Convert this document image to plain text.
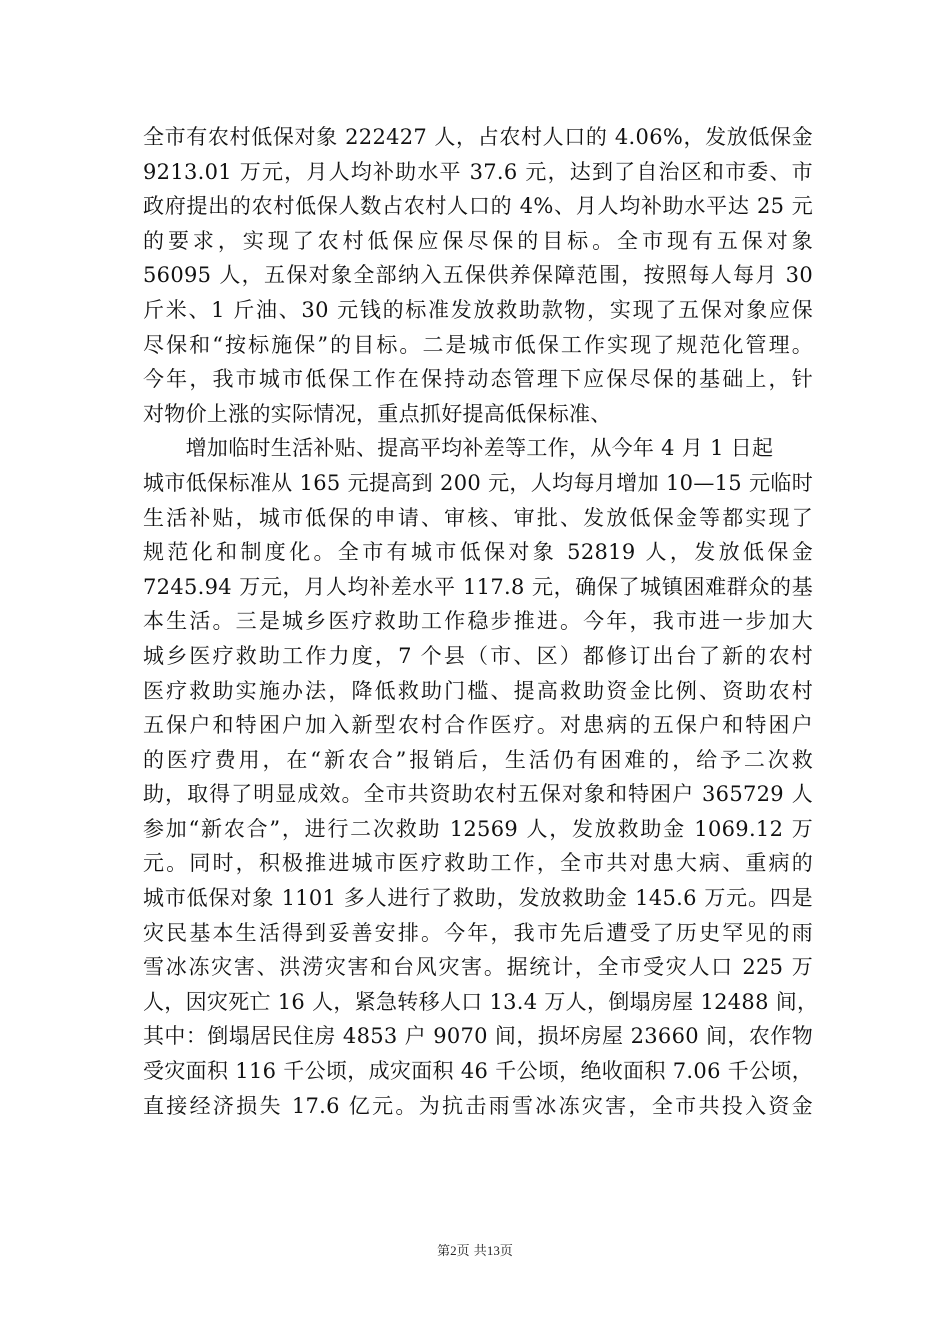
全市有农村低保对象 222427 人，占农村人口的 4.06%，发放低保金
9213.01 万元，月人均补助水平 37.6 元，达到了自治区和市委、市
政府提出的农村低保人数占农村人口的 4%、月人均补助水平达 25 元
的要求，实现了农村低保应保尽保的目标。全市现有五保对象
56095 人，五保对象全部纳入五保供养保障范围，按照每人每月 30
斤米、1 斤油、30 元钱的标准发放救助款物，实现了五保对象应保
尽保和“按标施保”的目标。二是城市低保工作实现了规范化管理。
今年，我市城市低保工作在保持动态管理下应保尽保的基础上，针
对物价上涨的实际情况，重点抓好提高低保标准、
　　增加临时生活补贴、提高平均补差等工作，从今年 4 月 1 日起
城市低保标准从 165 元提高到 200 元，人均每月增加 10—15 元临时
生活补贴，城市低保的申请、审核、审批、发放低保金等都实现了
规范化和制度化。全市有城市低保对象 52819 人，发放低保金
7245.94 万元，月人均补差水平 117.8 元，确保了城镇困难群众的基
本生活。三是城乡医疗救助工作稳步推进。今年，我市进一步加大
城乡医疗救助工作力度，7 个县（市、区）都修订出台了新的农村
医疗救助实施办法，降低救助门槛、提高救助资金比例、资助农村
五保户和特困户加入新型农村合作医疗。对患病的五保户和特困户
的医疗费用，在“新农合”报销后，生活仍有困难的，给予二次救
助，取得了明显成效。全市共资助农村五保对象和特困户 365729 人
参加“新农合”，进行二次救助 12569 人，发放救助金 1069.12 万
元。同时，积极推进城市医疗救助工作，全市共对患大病、重病的
城市低保对象 1101 多人进行了救助，发放救助金 145.6 万元。四是
灾民基本生活得到妥善安排。今年，我市先后遭受了历史罕见的雨
雪冰冻灾害、洪涝灾害和台风灾害。据统计，全市受灾人口 225 万
人，因灾死亡 16 人，紧急转移人口 13.4 万人，倒塌房屋 12488 间，
其中：倒塌居民住房 4853 户 9070 间，损坏房屋 23660 间，农作物
受灾面积 116 千公顷，成灾面积 46 千公顷，绝收面积 7.06 千公顷，
直接经济损失 17.6 亿元。为抗击雨雪冰冻灾害，全市共投入资金
第2页 共13页
